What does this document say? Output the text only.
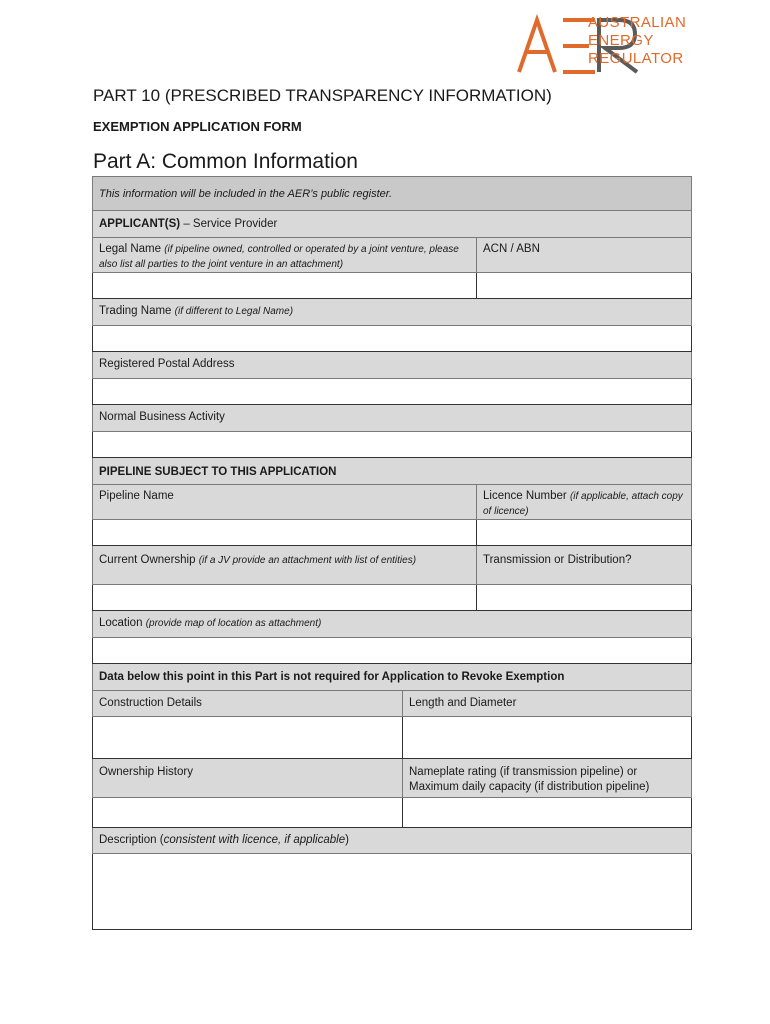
AUSTRALIAN
ENERGY
REGULATOR
PART 10 (PRESCRIBED TRANSPARENCY INFORMATION)
EXEMPTION APPLICATION FORM
Part A: Common Information
This information will be included in the AER’s public register.		
APPLICANT(S) – Service Provider		
Legal Name (if pipeline owned, controlled or operated by a joint venture, please also list all parties to the joint venture in an attachment)		ACN / ABN

Trading Name (if different to Legal Name)		

Registered Postal Address		

Normal Business Activity		

PIPELINE SUBJECT TO THIS APPLICATION		
Pipeline Name		Licence Number (if applicable, attach copy of licence)

Current Ownership (if a JV provide an attachment with list of entities)		Transmission or Distribution?

Location (provide map of location as attachment)		

Data below this point in this Part is not required for Application to Revoke Exemption		
Construction Details	Length and Diameter	

Ownership History	Nameplate rating (if transmission pipeline) or Maximum daily capacity (if distribution pipeline)	

Description (consistent with licence, if applicable)		
